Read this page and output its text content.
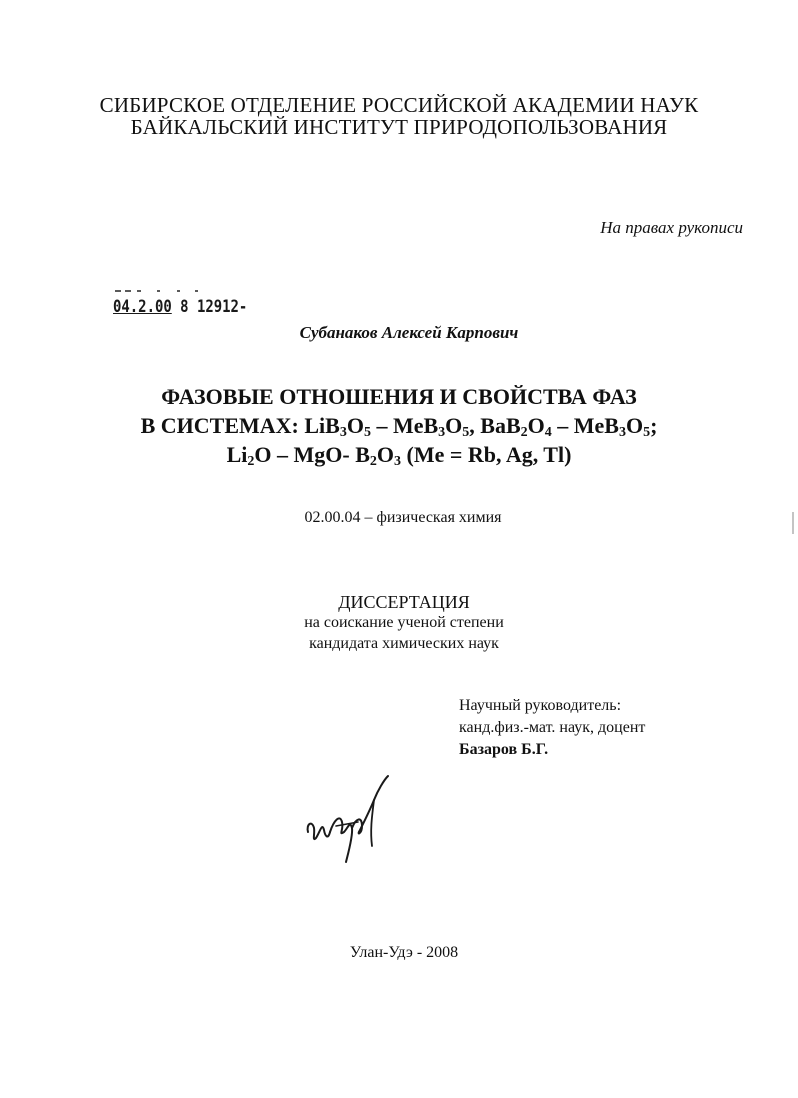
СИБИРСКОЕ ОТДЕЛЕНИЕ РОССИЙСКОЙ АКАДЕМИИ НАУК
БАЙКАЛЬСКИЙ ИНСТИТУТ ПРИРОДОПОЛЬЗОВАНИЯ
На правах рукописи
04.2.00 8 12912-
Субанаков Алексей Карпович
ФАЗОВЫЕ ОТНОШЕНИЯ И СВОЙСТВА ФАЗ
В СИСТЕМАХ: $LiB_3O_5 - MeB_3O_5$, $BaB_2O_4 - MeB_3O_5$;
$Li_2O - MgO-$ $B_2O_3$ (Me = Rb, Ag, Tl)
02.00.04 – физическая химия
ДИССЕРТАЦИЯ
на соискание ученой степени
кандидата химических наук
Научный руководитель:
канд.физ.-мат. наук, доцент
Базаров Б.Г.
Улан-Удэ - 2008
